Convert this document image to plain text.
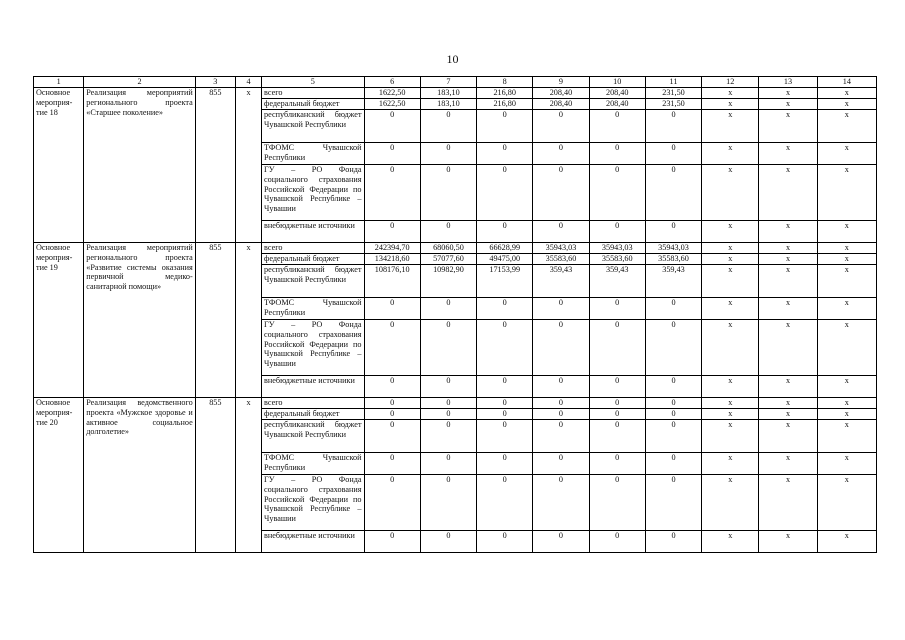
10
1	2	3	4	5	6	7	8	9	10	11	12	13	14
Основное мероприя-тие 18	Реализация мероприятий регионального проекта «Старшее поколение»	855	х	всего	1622,50	183,10	216,80	208,40	208,40	231,50	х	х	х
				федеральный бюджет	1622,50	183,10	216,80	208,40	208,40	231,50	х	х	х
				республиканский бюджет Чувашской Республики	0	0	0	0	0	0	х	х	х
				ТФОМС Чувашской Республики	0	0	0	0	0	0	х	х	х
				ГУ – РО Фонда социального страхования Российской Федерации по Чувашской Республике – Чувашии	0	0	0	0	0	0	х	х	х
				внебюджетные источники	0	0	0	0	0	0	х	х	х
Основное мероприя-тие 19	Реализация мероприятий регионального проекта «Развитие системы оказания первичной медико-санитарной помощи»	855	х	всего	242394,70	68060,50	66628,99	35943,03	35943,03	35943,03	х	х	х
				федеральный бюджет	134218,60	57077,60	49475,00	35583,60	35583,60	35583,60	х	х	х
				республиканский бюджет Чувашской Республики	108176,10	10982,90	17153,99	359,43	359,43	359,43	х	х	х
				ТФОМС Чувашской Республики	0	0	0	0	0	0	х	х	х
				ГУ – РО Фонда социального страхования Российской Федерации по Чувашской Республике – Чувашии	0	0	0	0	0	0	х	х	х
				внебюджетные источники	0	0	0	0	0	0	х	х	х
Основное мероприя-тие 20	Реализация ведомственного проекта «Мужское здоровье и активное социальное долголетие»	855	х	всего	0	0	0	0	0	0	х	х	х
				федеральный бюджет	0	0	0	0	0	0	х	х	х
				республиканский бюджет Чувашской Республики	0	0	0	0	0	0	х	х	х
				ТФОМС Чувашской Республики	0	0	0	0	0	0	х	х	х
				ГУ – РО Фонда социального страхования Российской Федерации по Чувашской Республике – Чувашии	0	0	0	0	0	0	х	х	х
				внебюджетные источники	0	0	0	0	0	0	х	х	х
